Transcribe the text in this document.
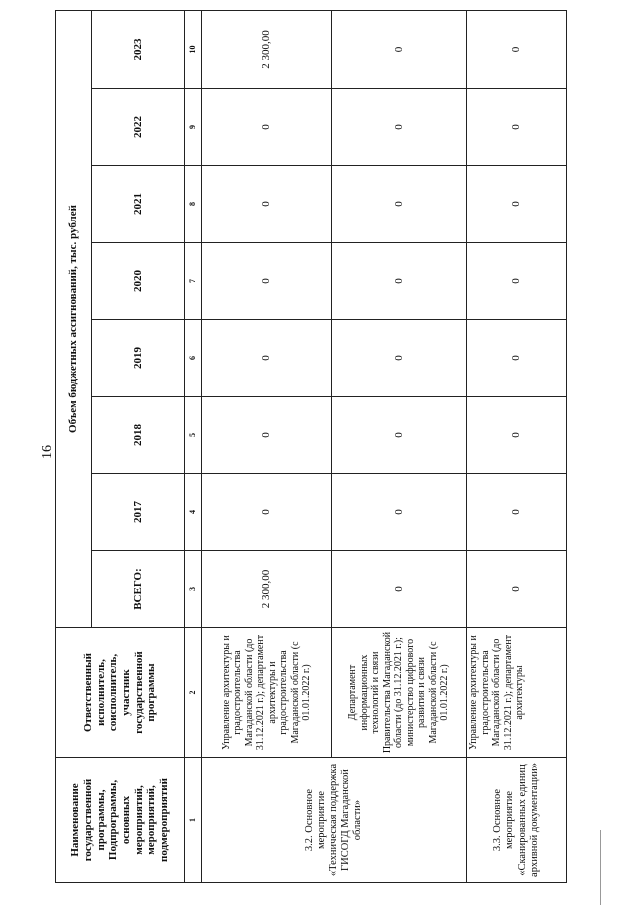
16
Наименование государственной программы, Подпрограммы, основных мероприятий, мероприятий, подмероприятий	Ответственный исполнитель, соисполнитель, участник государственной программы	Объем бюджетных ассигнований, тыс. рублей							
		ВСЕГО:	2017	2018	2019	2020	2021	2022	2023
1	2	3	4	5	6	7	8	9	10
3.2. Основное мероприятие «Техническая поддержка ГИСОГД Магаданской области»	Управление архитектуры и градостроительства Магаданской области (до 31.12.2021 г.); департамент архитектуры и градостроительства Магаданской области (с 01.01.2022 г.)	2 300,00	0	0	0	0	0	0	2 300,00
	Департамент информационных технологий и связи Правительства Магаданской области (до 31.12.2021 г.); министерство цифрового развития и связи Магаданской области (с 01.01.2022 г.)	0	0	0	0	0	0	0	0
3.3. Основное мероприятие «Сканированных единиц архивной документации»	Управление архитектуры и градостроительства Магаданской области (до 31.12.2021 г.); департамент архитектуры	0	0	0	0	0	0	0	0
